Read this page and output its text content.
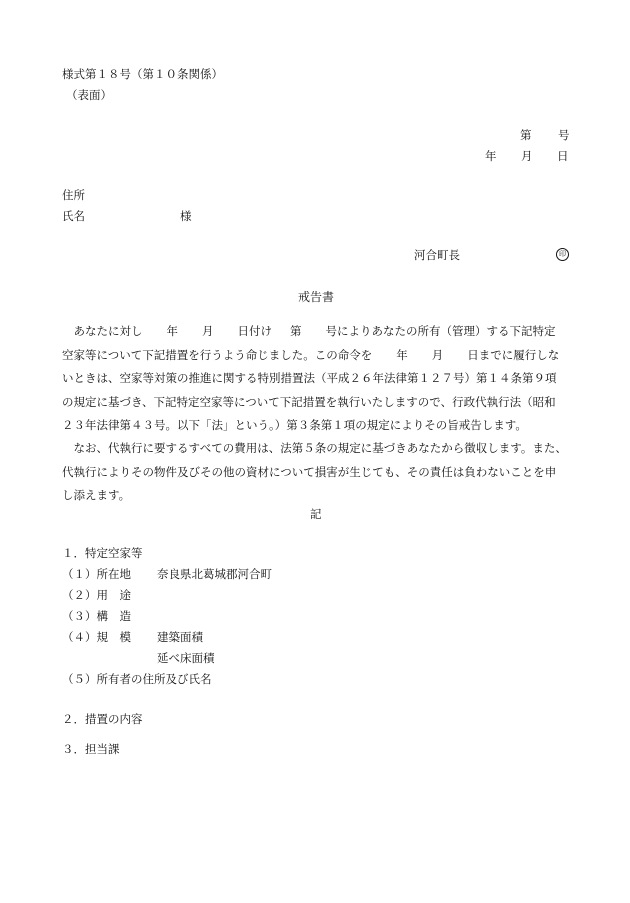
様式第１８号（第１０条関係）
（表面）
第 号
年 月 日
住所
氏名	様
河合町長	印
戒告書
　あなたに対し 年 月 日付け 第 号によりあなたの所有（管理）する下記特定
空家等について下記措置を行うよう命じました。この命令を 年 月 日までに履行しな
いときは、空家等対策の推進に関する特別措置法（平成２６年法律第１２７号）第１４条第９項
の規定に基づき、下記特定空家等について下記措置を執行いたしますので、行政代執行法（昭和
２３年法律第４３号。以下「法」という。）第３条第１項の規定によりその旨戒告します。
　なお、代執行に要するすべての費用は、法第５条の規定に基づきあなたから徴収します。また、
代執行によりその物件及びその他の資材について損害が生じても、その責任は負わないことを申
し添えます。
記
１．特定空家等
（１）所在地 奈良県北葛城郡河合町
（２）用　途
（３）構　造
（４）規　模 建築面積
延べ床面積
（５）所有者の住所及び氏名
２．措置の内容
３．担当課
